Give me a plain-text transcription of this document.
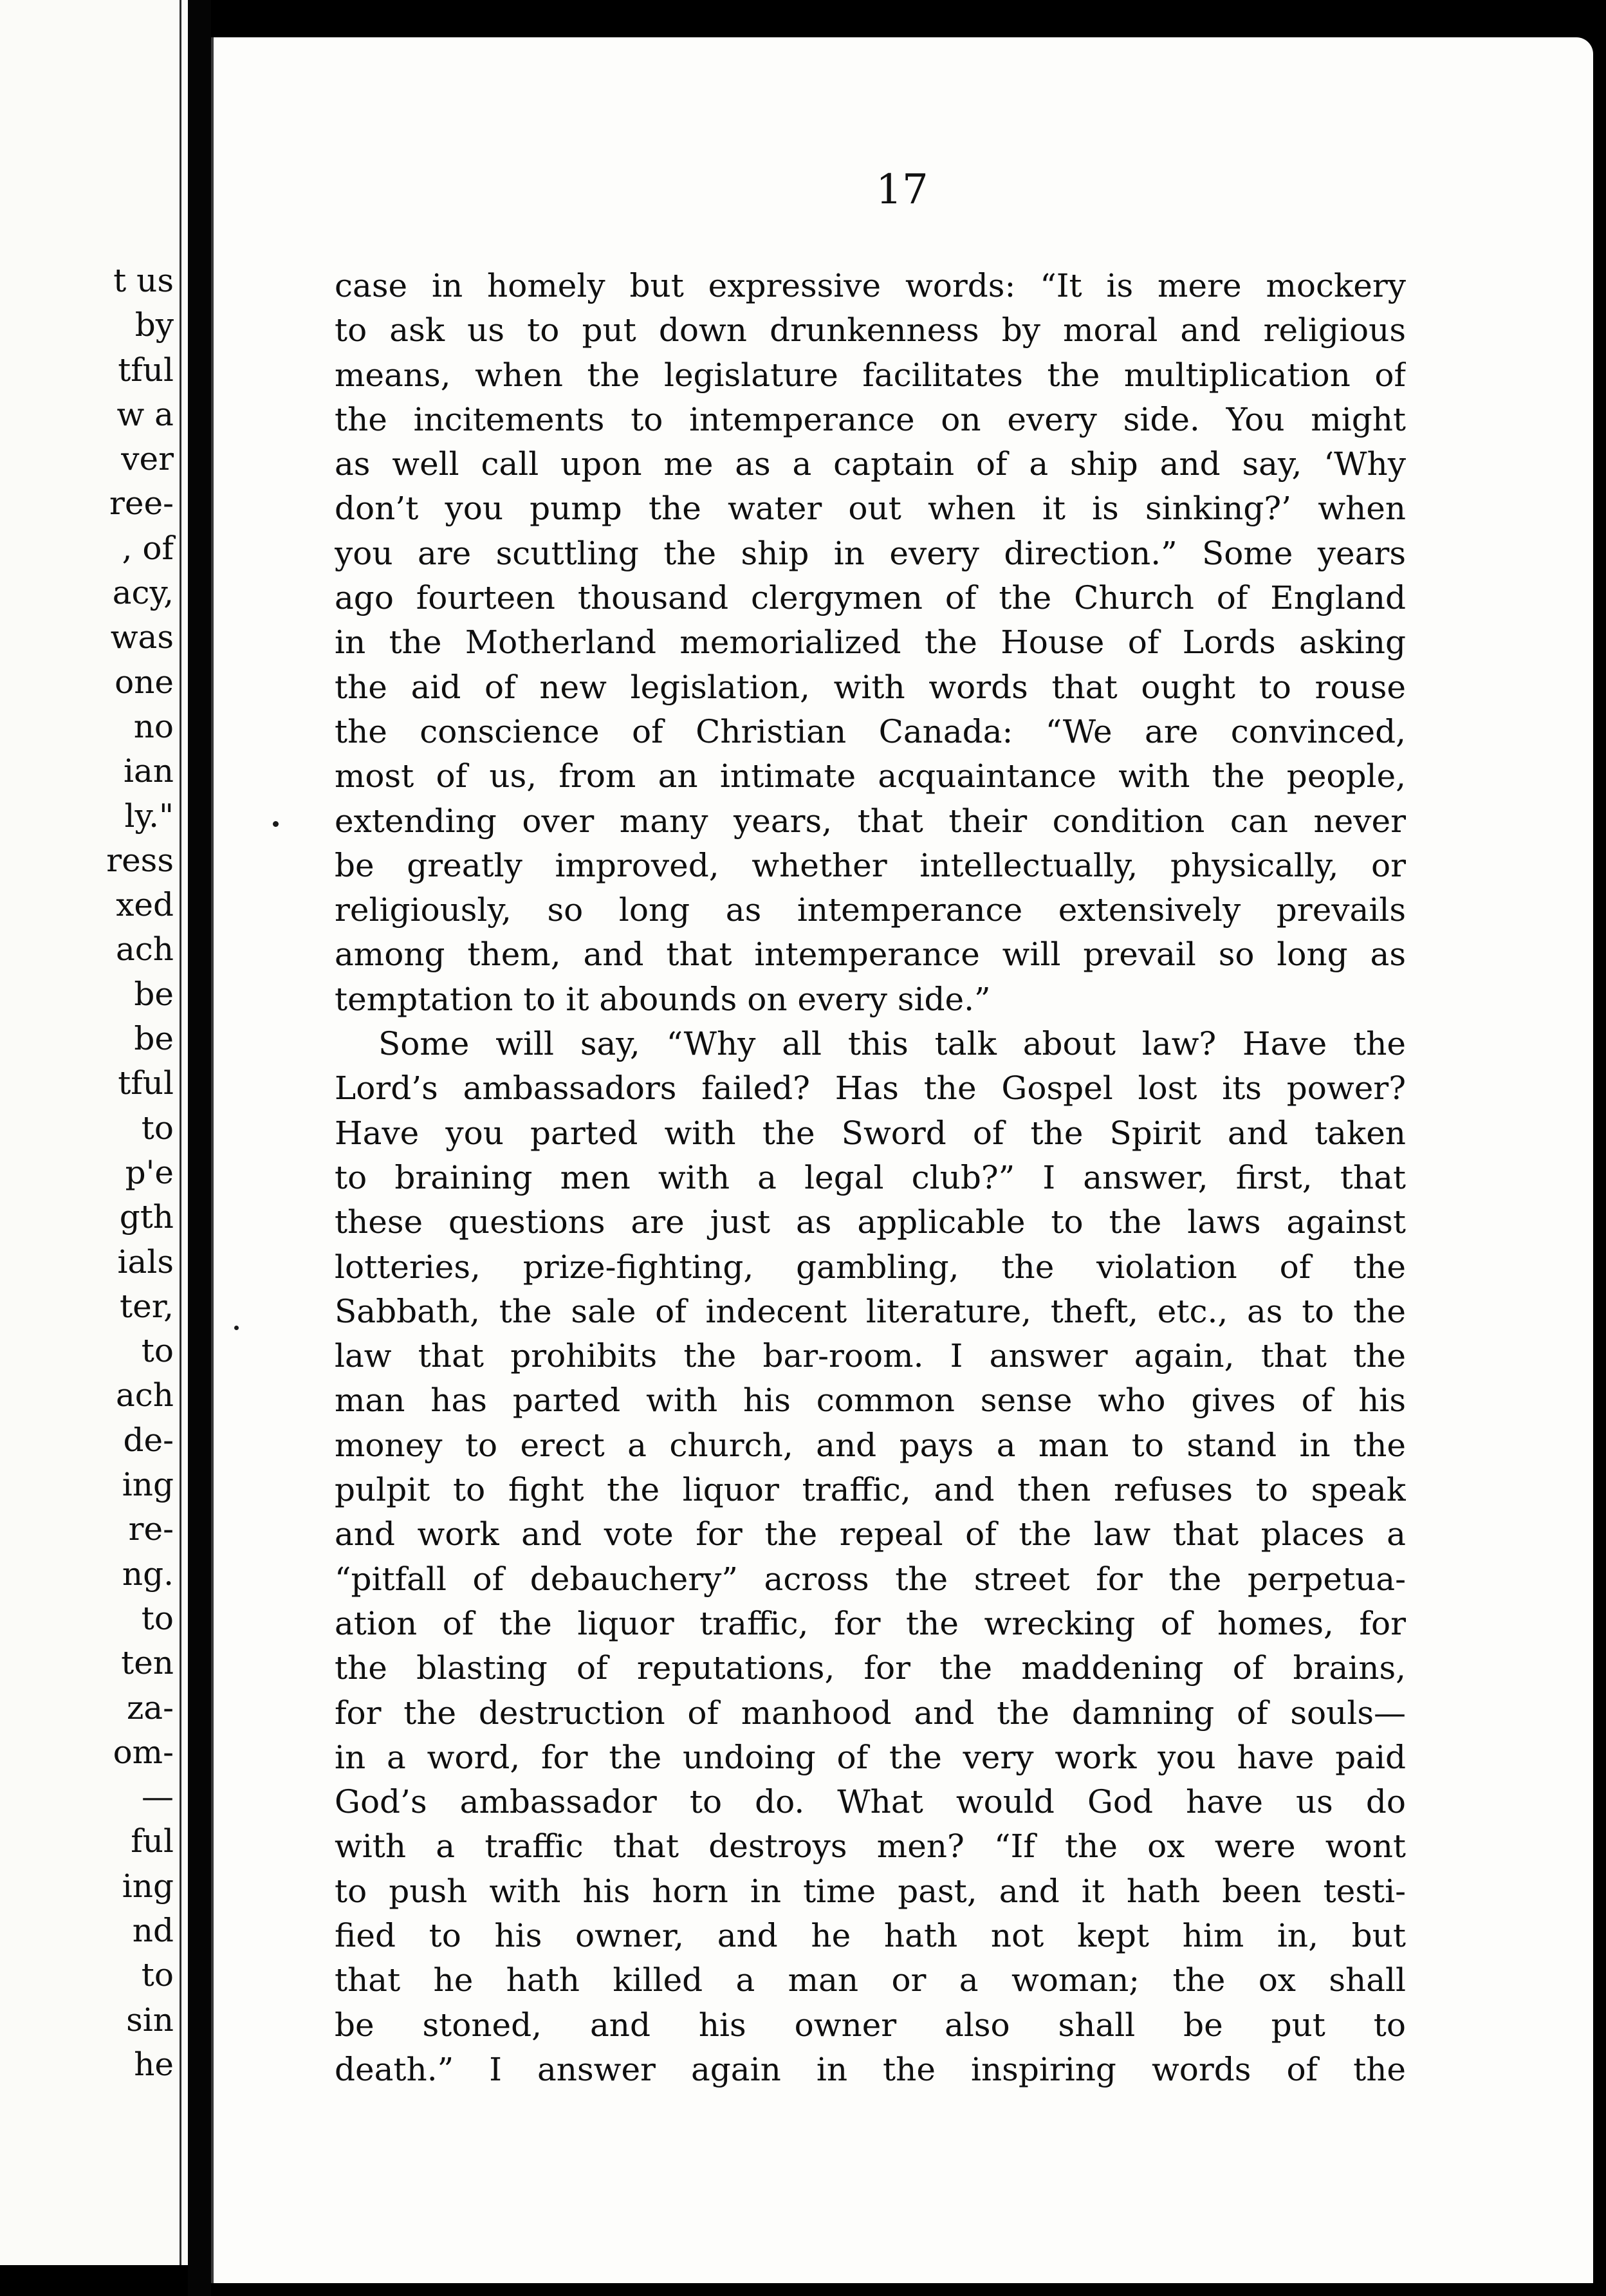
t us
by
tful
w a
ver
ree-
, of
acy,
was
one
no
ian
ly."
ress
xed
ach
be
be
tful
to
p'e
gth
ials
ter,
to
ach
de-
ing
re-
ng.
to
ten
za-
om-
—
ful
ing
nd
to
sin
he
17
case in homely but expressive words: “It is mere mockery
to ask us to put down drunkenness by moral and religious
means, when the legislature facilitates the multiplication of
the incitements to intemperance on every side. You might
as well call upon me as a captain of a ship and say, ‘Why
don’t you pump the water out when it is sinking?’ when
you are scuttling the ship in every direction.” Some years
ago fourteen thousand clergymen of the Church of England
in the Motherland memorialized the House of Lords asking
the aid of new legislation, with words that ought to rouse
the conscience of Christian Canada: “We are convinced,
most of us, from an intimate acquaintance with the people,
extending over many years, that their condition can never
be greatly improved, whether intellectually, physically, or
religiously, so long as intemperance extensively prevails
among them, and that intemperance will prevail so long as
temptation to it abounds on every side.”
Some will say, “Why all this talk about law? Have the
Lord’s ambassadors failed? Has the Gospel lost its power?
Have you parted with the Sword of the Spirit and taken
to braining men with a legal club?” I answer, first, that
these questions are just as applicable to the laws against
lotteries, prize-fighting, gambling, the violation of the
Sabbath, the sale of indecent literature, theft, etc., as to the
law that prohibits the bar-room. I answer again, that the
man has parted with his common sense who gives of his
money to erect a church, and pays a man to stand in the
pulpit to fight the liquor traffic, and then refuses to speak
and work and vote for the repeal of the law that places a
“pitfall of debauchery” across the street for the perpetua-
ation of the liquor traffic, for the wrecking of homes, for
the blasting of reputations, for the maddening of brains,
for the destruction of manhood and the damning of souls—
in a word, for the undoing of the very work you have paid
God’s ambassador to do. What would God have us do
with a traffic that destroys men? “If the ox were wont
to push with his horn in time past, and it hath been testi-
fied to his owner, and he hath not kept him in, but
that he hath killed a man or a woman; the ox shall
be stoned, and his owner also shall be put to
death.” I answer again in the inspiring words of the
